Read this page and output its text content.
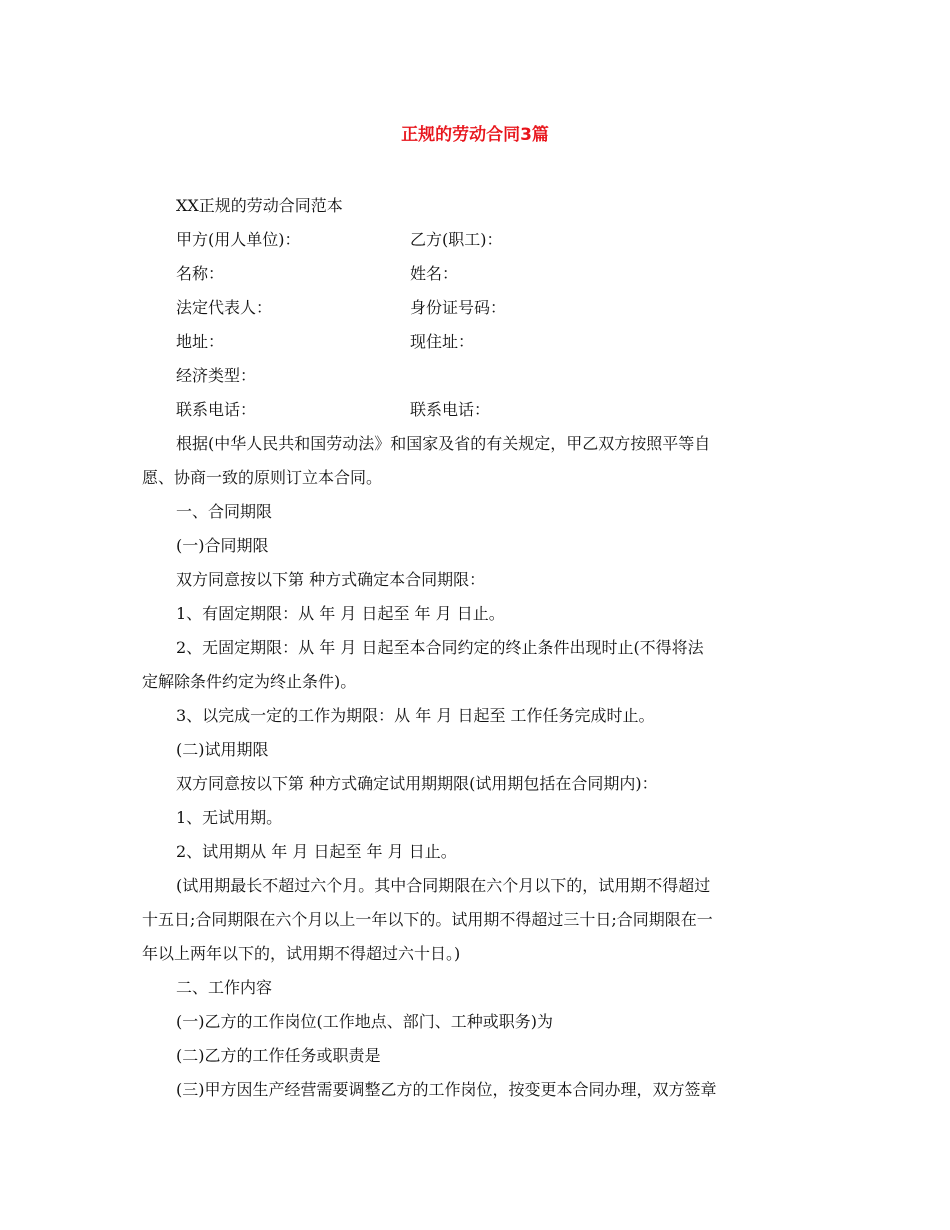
正规的劳动合同3篇
XX正规的劳动合同范本
甲方(用人单位)：	乙方(职工)：
名称：	姓名：
法定代表人：	身份证号码：
地址：	现住址：
经济类型：
联系电话：	联系电话：
根据(中华人民共和国劳动法》和国家及省的有关规定，甲乙双方按照平等自
愿、协商一致的原则订立本合同。
一、合同期限
(一)合同期限
双方同意按以下第 种方式确定本合同期限：
1、有固定期限：从 年 月 日起至 年 月 日止。
2、无固定期限：从 年 月 日起至本合同约定的终止条件出现时止(不得将法
定解除条件约定为终止条件)。
3、以完成一定的工作为期限：从 年 月 日起至 工作任务完成时止。
(二)试用期限
双方同意按以下第 种方式确定试用期期限(试用期包括在合同期内)：
1、无试用期。
2、试用期从 年 月 日起至 年 月 日止。
(试用期最长不超过六个月。其中合同期限在六个月以下的，试用期不得超过
十五日;合同期限在六个月以上一年以下的。试用期不得超过三十日;合同期限在一
年以上两年以下的，试用期不得超过六十日。)
二、工作内容
(一)乙方的工作岗位(工作地点、部门、工种或职务)为
(二)乙方的工作任务或职责是
(三)甲方因生产经营需要调整乙方的工作岗位，按变更本合同办理，双方签章
